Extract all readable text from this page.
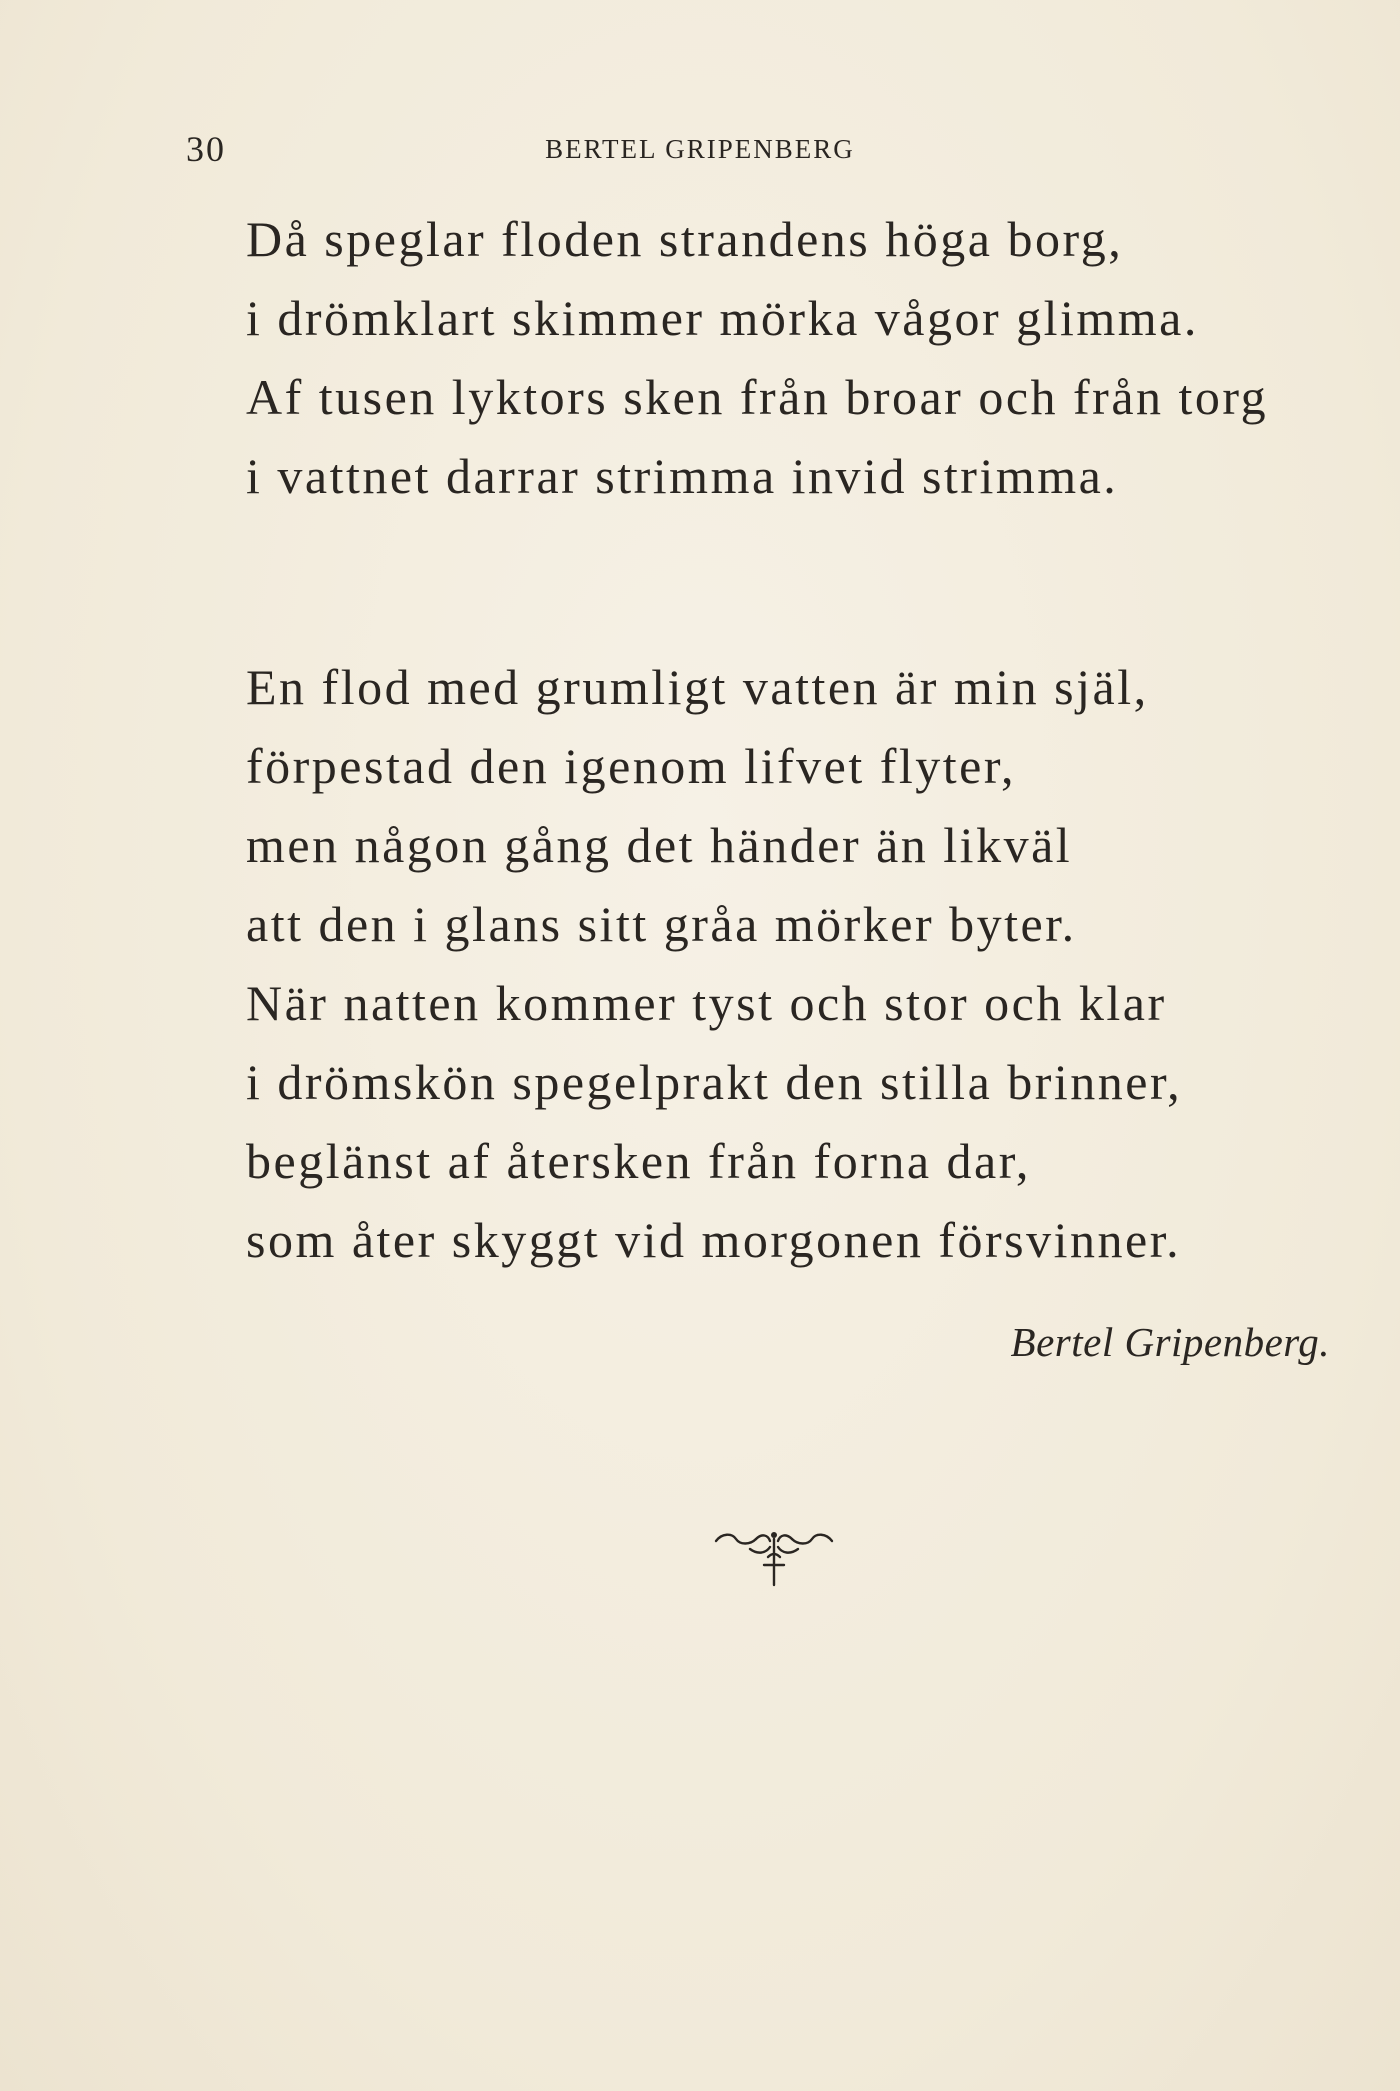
30	BERTEL GRIPENBERG
Då speglar floden strandens höga borg,
i drömklart skimmer mörka vågor glimma.
Af tusen lyktors sken från broar och från torg
i vattnet darrar strimma invid strimma.
En flod med grumligt vatten är min själ,
förpestad den igenom lifvet flyter,
men någon gång det händer än likväl
att den i glans sitt gråa mörker byter.
När natten kommer tyst och stor och klar
i drömskön spegelprakt den stilla brinner,
beglänst af återsken från forna dar,
som åter skyggt vid morgonen försvinner.
Bertel Gripenberg.
